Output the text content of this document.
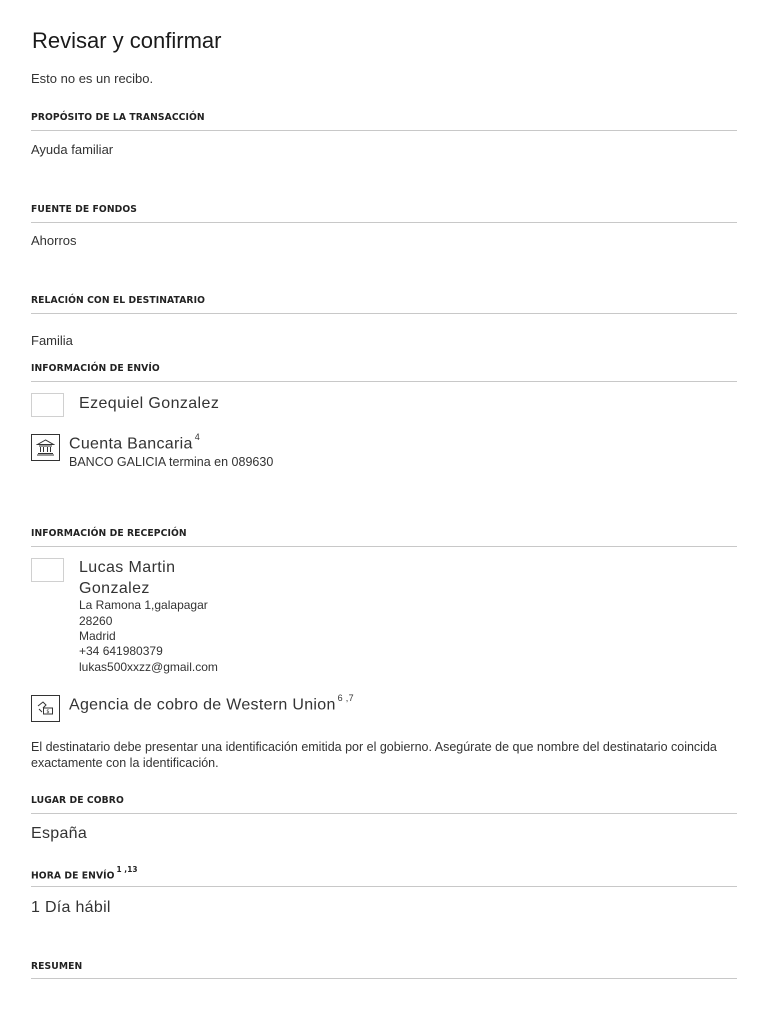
Revisar y confirmar
Esto no es un recibo.
PROPÓSITO DE LA TRANSACCIÓN
Ayuda familiar
FUENTE DE FONDOS
Ahorros
RELACIÓN CON EL DESTINATARIO
Familia
INFORMACIÓN DE ENVÍO
Ezequiel Gonzalez
Cuenta Bancaria $^4$
BANCO GALICIA termina en 089630
INFORMACIÓN DE RECEPCIÓN
Lucas Martin
Gonzalez
La Ramona 1,galapagar
28260
Madrid
+34 641980379
lukas500xxzz@gmail.com
$ Agencia de cobro de Western Union $^{6 ,7}$
El destinatario debe presentar una identificación emitida por el gobierno. Asegúrate de que nombre del destinatario coincida exactamente con la identificación.
LUGAR DE COBRO
España
HORA DE ENVÍO$^{1 ,13}$
1 Día hábil
RESUMEN
